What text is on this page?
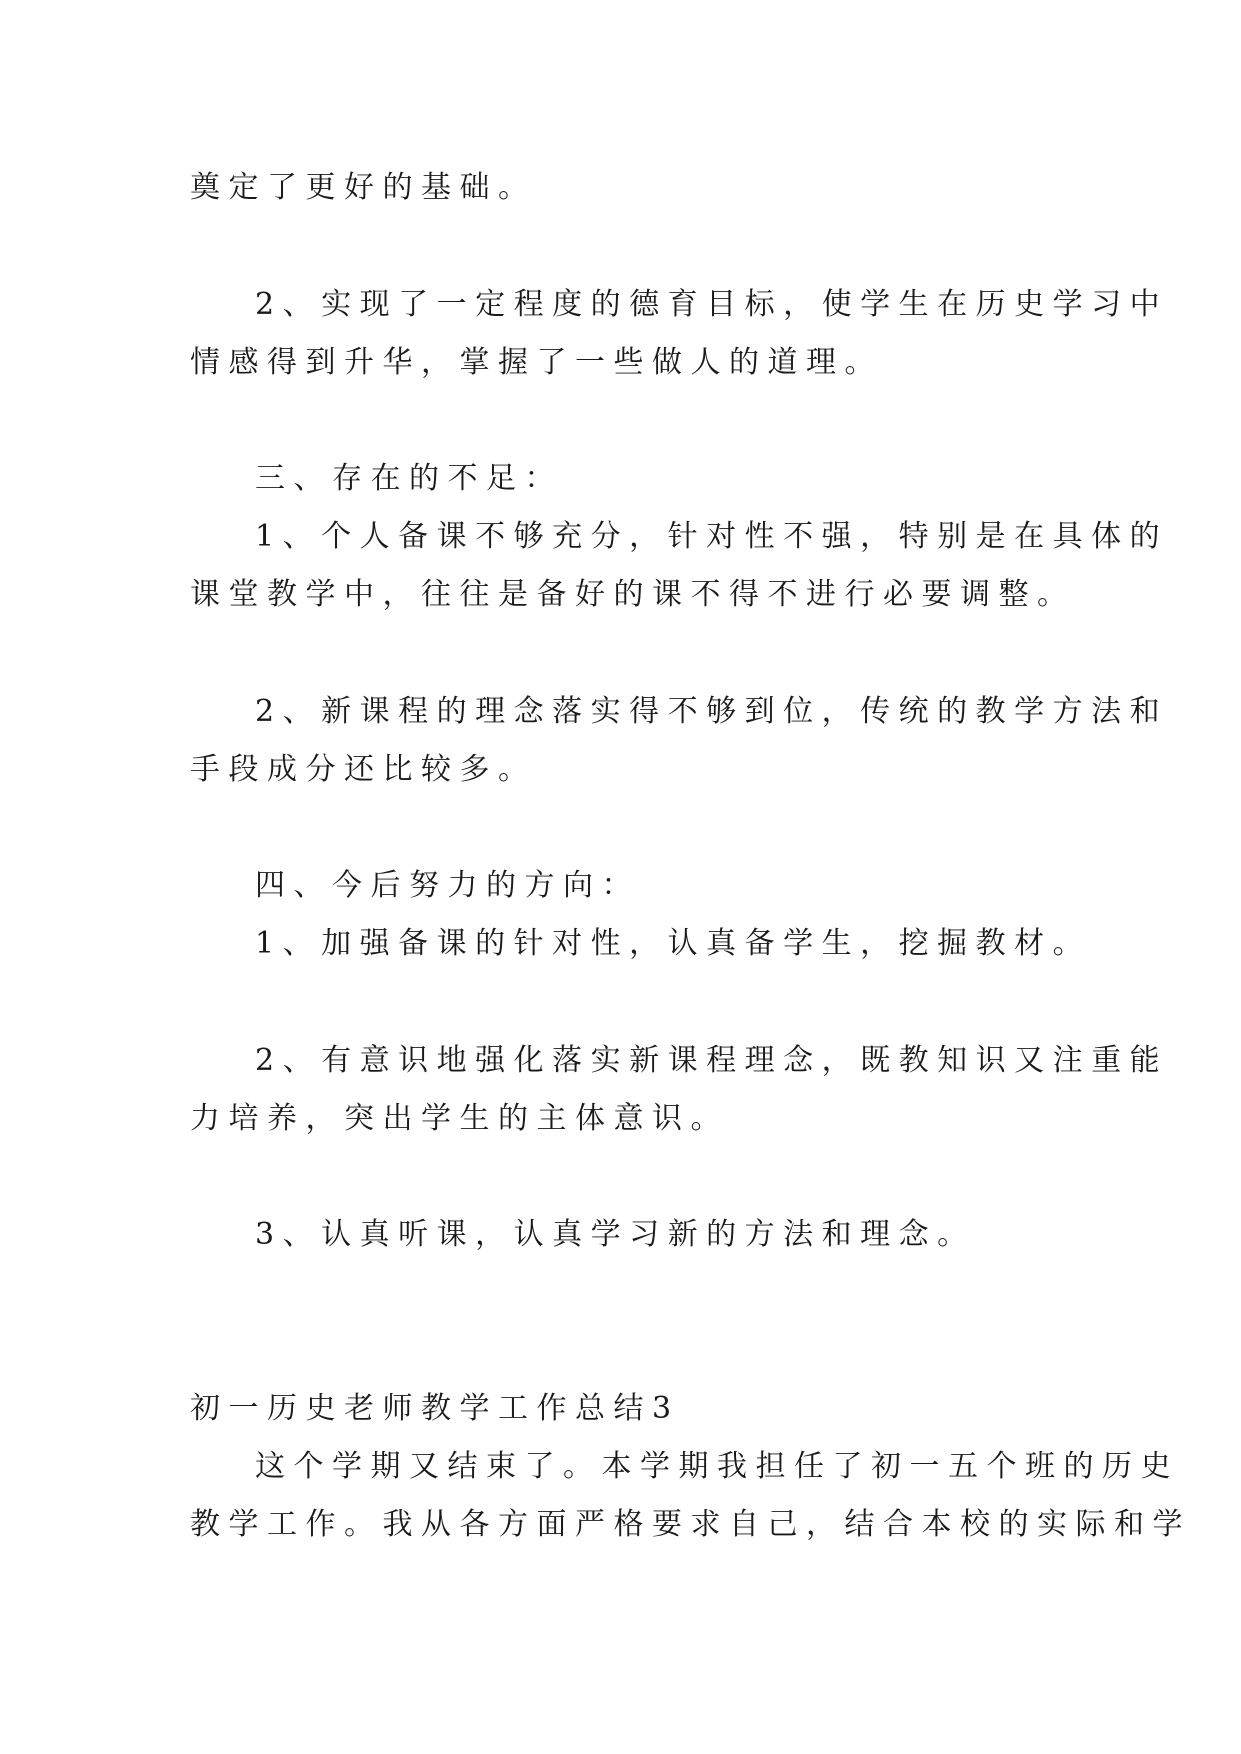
奠定了更好的基础。
2、实现了一定程度的德育目标，使学生在历史学习中
情感得到升华，掌握了一些做人的道理。
三、存在的不足：
1、个人备课不够充分，针对性不强，特别是在具体的
课堂教学中，往往是备好的课不得不进行必要调整。
2、新课程的理念落实得不够到位，传统的教学方法和
手段成分还比较多。
四、今后努力的方向：
1、加强备课的针对性，认真备学生，挖掘教材。
2、有意识地强化落实新课程理念，既教知识又注重能
力培养，突出学生的主体意识。
3、认真听课，认真学习新的方法和理念。
初一历史老师教学工作总结3
这个学期又结束了。本学期我担任了初一五个班的历史
教学工作。我从各方面严格要求自己，结合本校的实际和学
